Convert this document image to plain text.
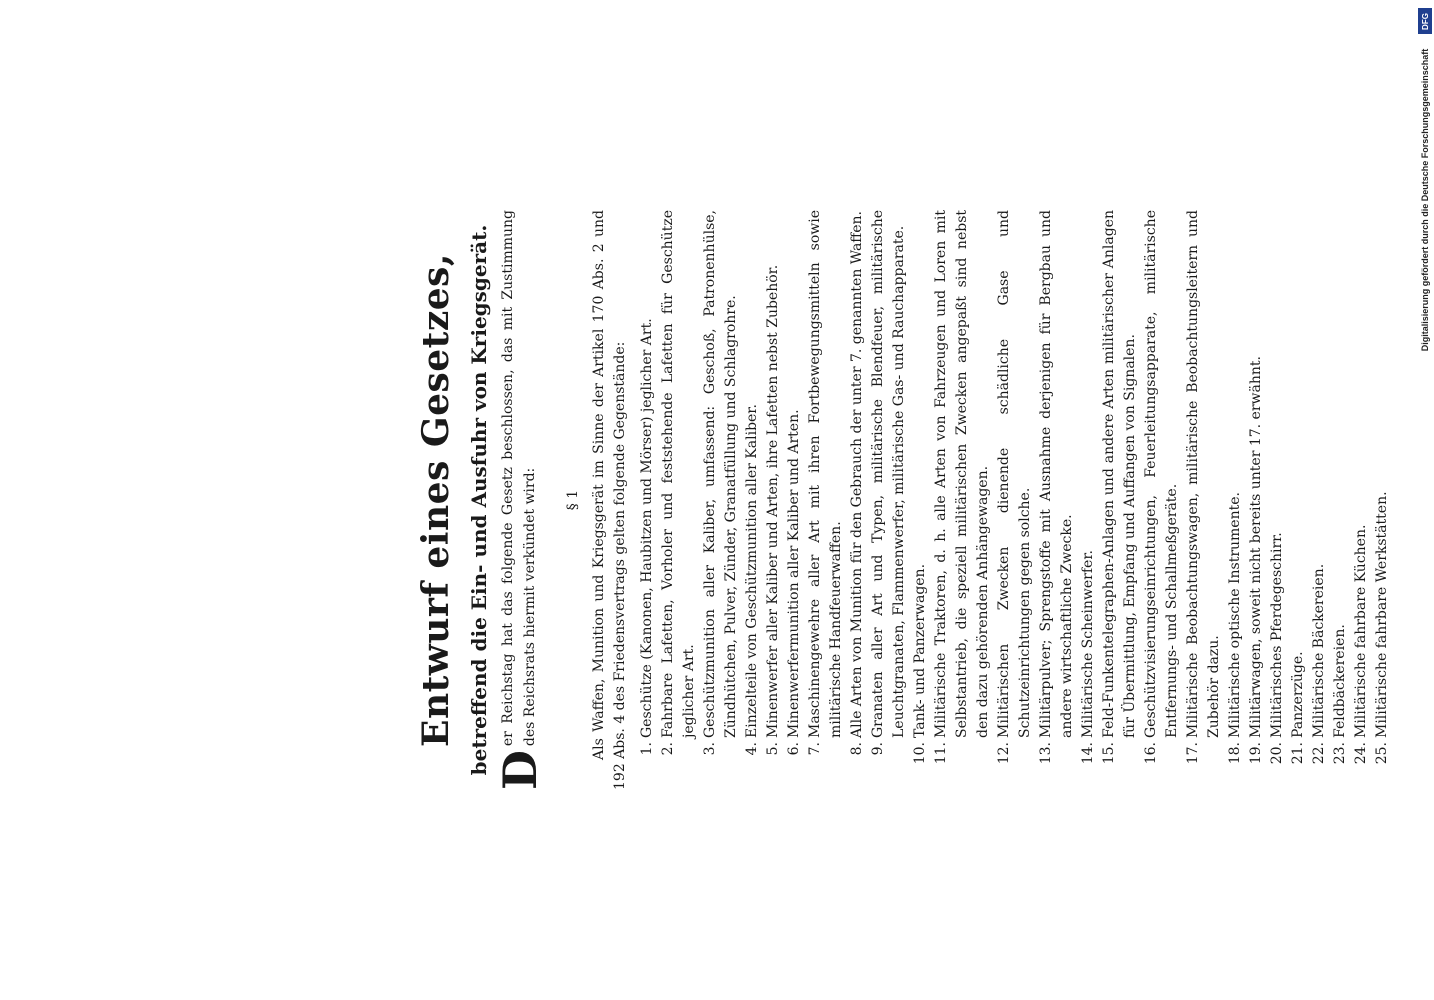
Entwurf eines Gesetzes, betreffend die Ein- und Ausfuhr von Kriegsgerät. D
er Reichstag hat das folgende Gesetz beschlossen, das mit Zustimmung des Reichsrats hiermit verkündet wird: § 1 Als Waffen, Munition und Kriegsgerät im Sinne der Artikel 170 Abs. 2 und 192 Abs. 4 des Friedensvertrags gelten folgende Gegenstände: 1.
Geschütze (Kanonen, Haubitzen und Mörser) jeglicher Art.
2.
Fahrbare Lafetten, Vorholer und feststehende Lafetten für Geschütze jeglicher Art.
3.
Geschützmunition aller Kaliber, umfassend: Geschoß, Patronenhülse, Zündhütchen, Pulver, Zünder, Granatfüllung und Schlagrohre.
4.
Einzelteile von Geschützmunition aller Kaliber.
5.
Minenwerfer aller Kaliber und Arten, ihre Lafetten nebst Zubehör.
6.
Minenwerfermunition aller Kaliber und Arten.
7.
Maschinengewehre aller Art mit ihren Fortbewegungsmitteln sowie militärische Handfeuerwaffen.
8.
Alle Arten von Munition für den Gebrauch der unter 7. genannten Waffen.
9.
Granaten aller Art und Typen, militärische Blendfeuer, militärische Leuchtgranaten, Flammenwerfer, militärische Gas- und Rauchapparate.
10.
Tank- und Panzerwagen.
11.
Militärische Traktoren, d. h. alle Arten von Fahrzeugen und Loren mit Selbstantrieb, die speziell militärischen Zwecken angepaßt sind nebst den dazu gehörenden Anhängewagen.
12.
Militärischen Zwecken dienende schädliche Gase und Schutzeinrichtungen gegen solche.
13.
Militärpulver; Sprengstoffe mit Ausnahme derjenigen für Bergbau und andere wirtschaftliche Zwecke.
14.
Militärische Scheinwerfer.
15.
Feld-Funkentelegraphen-Anlagen und andere Arten militärischer Anlagen für Übermittlung, Empfang und Auffangen von Signalen.
16.
Geschützvisierungseinrichtungen, Feuerleitungsapparate, militärische Entfernungs- und Schallmeßgeräte.
17.
Militärische Beobachtungswagen, militärische Beobachtungsleitern und Zubehör dazu.
18.
Militärische optische Instrumente.
19.
Militärwagen, soweit nicht bereits unter 17. erwähnt.
20.
Militärisches Pferdegeschirr.
21.
Panzerzüge.
22.
Militärische Bäckereien.
23.
Feldbäckereien.
24.
Militärische fahrbare Küchen.
25.
Militärische fahrbare Werkstätten.
Digitalisierung gefördert durch die Deutsche Forschungsgemeinschaft
DFG
